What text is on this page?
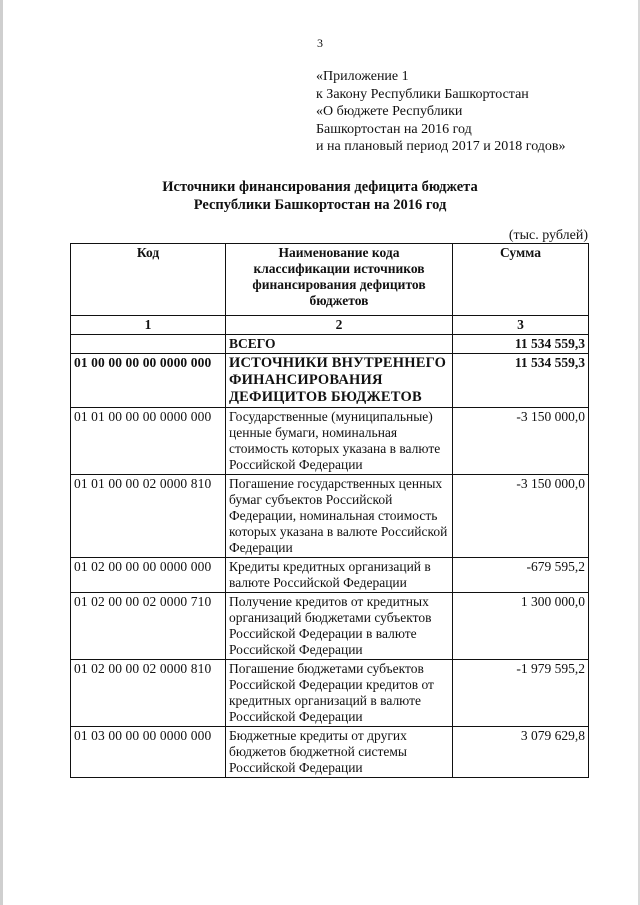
3
«Приложение 1
к Закону Республики Башкортостан
«О бюджете Республики
Башкортостан на 2016 год
и на плановый период 2017 и 2018 годов»
Источники финансирования дефицита бюджета
Республики Башкортостан на 2016 год
(тыс. рублей)
Код	Наименование кода классификации источников финансирования дефицитов бюджетов	Сумма
1	2	3
	ВСЕГО	11 534 559,3
01 00 00 00 00 0000 000	ИСТОЧНИКИ ВНУТРЕННЕГО ФИНАНСИРОВАНИЯ ДЕФИЦИТОВ БЮДЖЕТОВ	11 534 559,3
01 01 00 00 00 0000 000	Государственные (муниципальные) ценные бумаги, номинальная стоимость которых указана в валюте Российской Федерации	-3 150 000,0
01 01 00 00 02 0000 810	Погашение государственных ценных бумаг субъектов Российской Федерации, номинальная стоимость которых указана в валюте Российской Федерации	-3 150 000,0
01 02 00 00 00 0000 000	Кредиты кредитных организаций в валюте Российской Федерации	-679 595,2
01 02 00 00 02 0000 710	Получение кредитов от кредитных организаций бюджетами субъектов Российской Федерации в валюте Российской Федерации	1 300 000,0
01 02 00 00 02 0000 810	Погашение бюджетами субъектов Российской Федерации кредитов от кредитных организаций в валюте Российской Федерации	-1 979 595,2
01 03 00 00 00 0000 000	Бюджетные кредиты от других бюджетов бюджетной системы Российской Федерации	3 079 629,8
